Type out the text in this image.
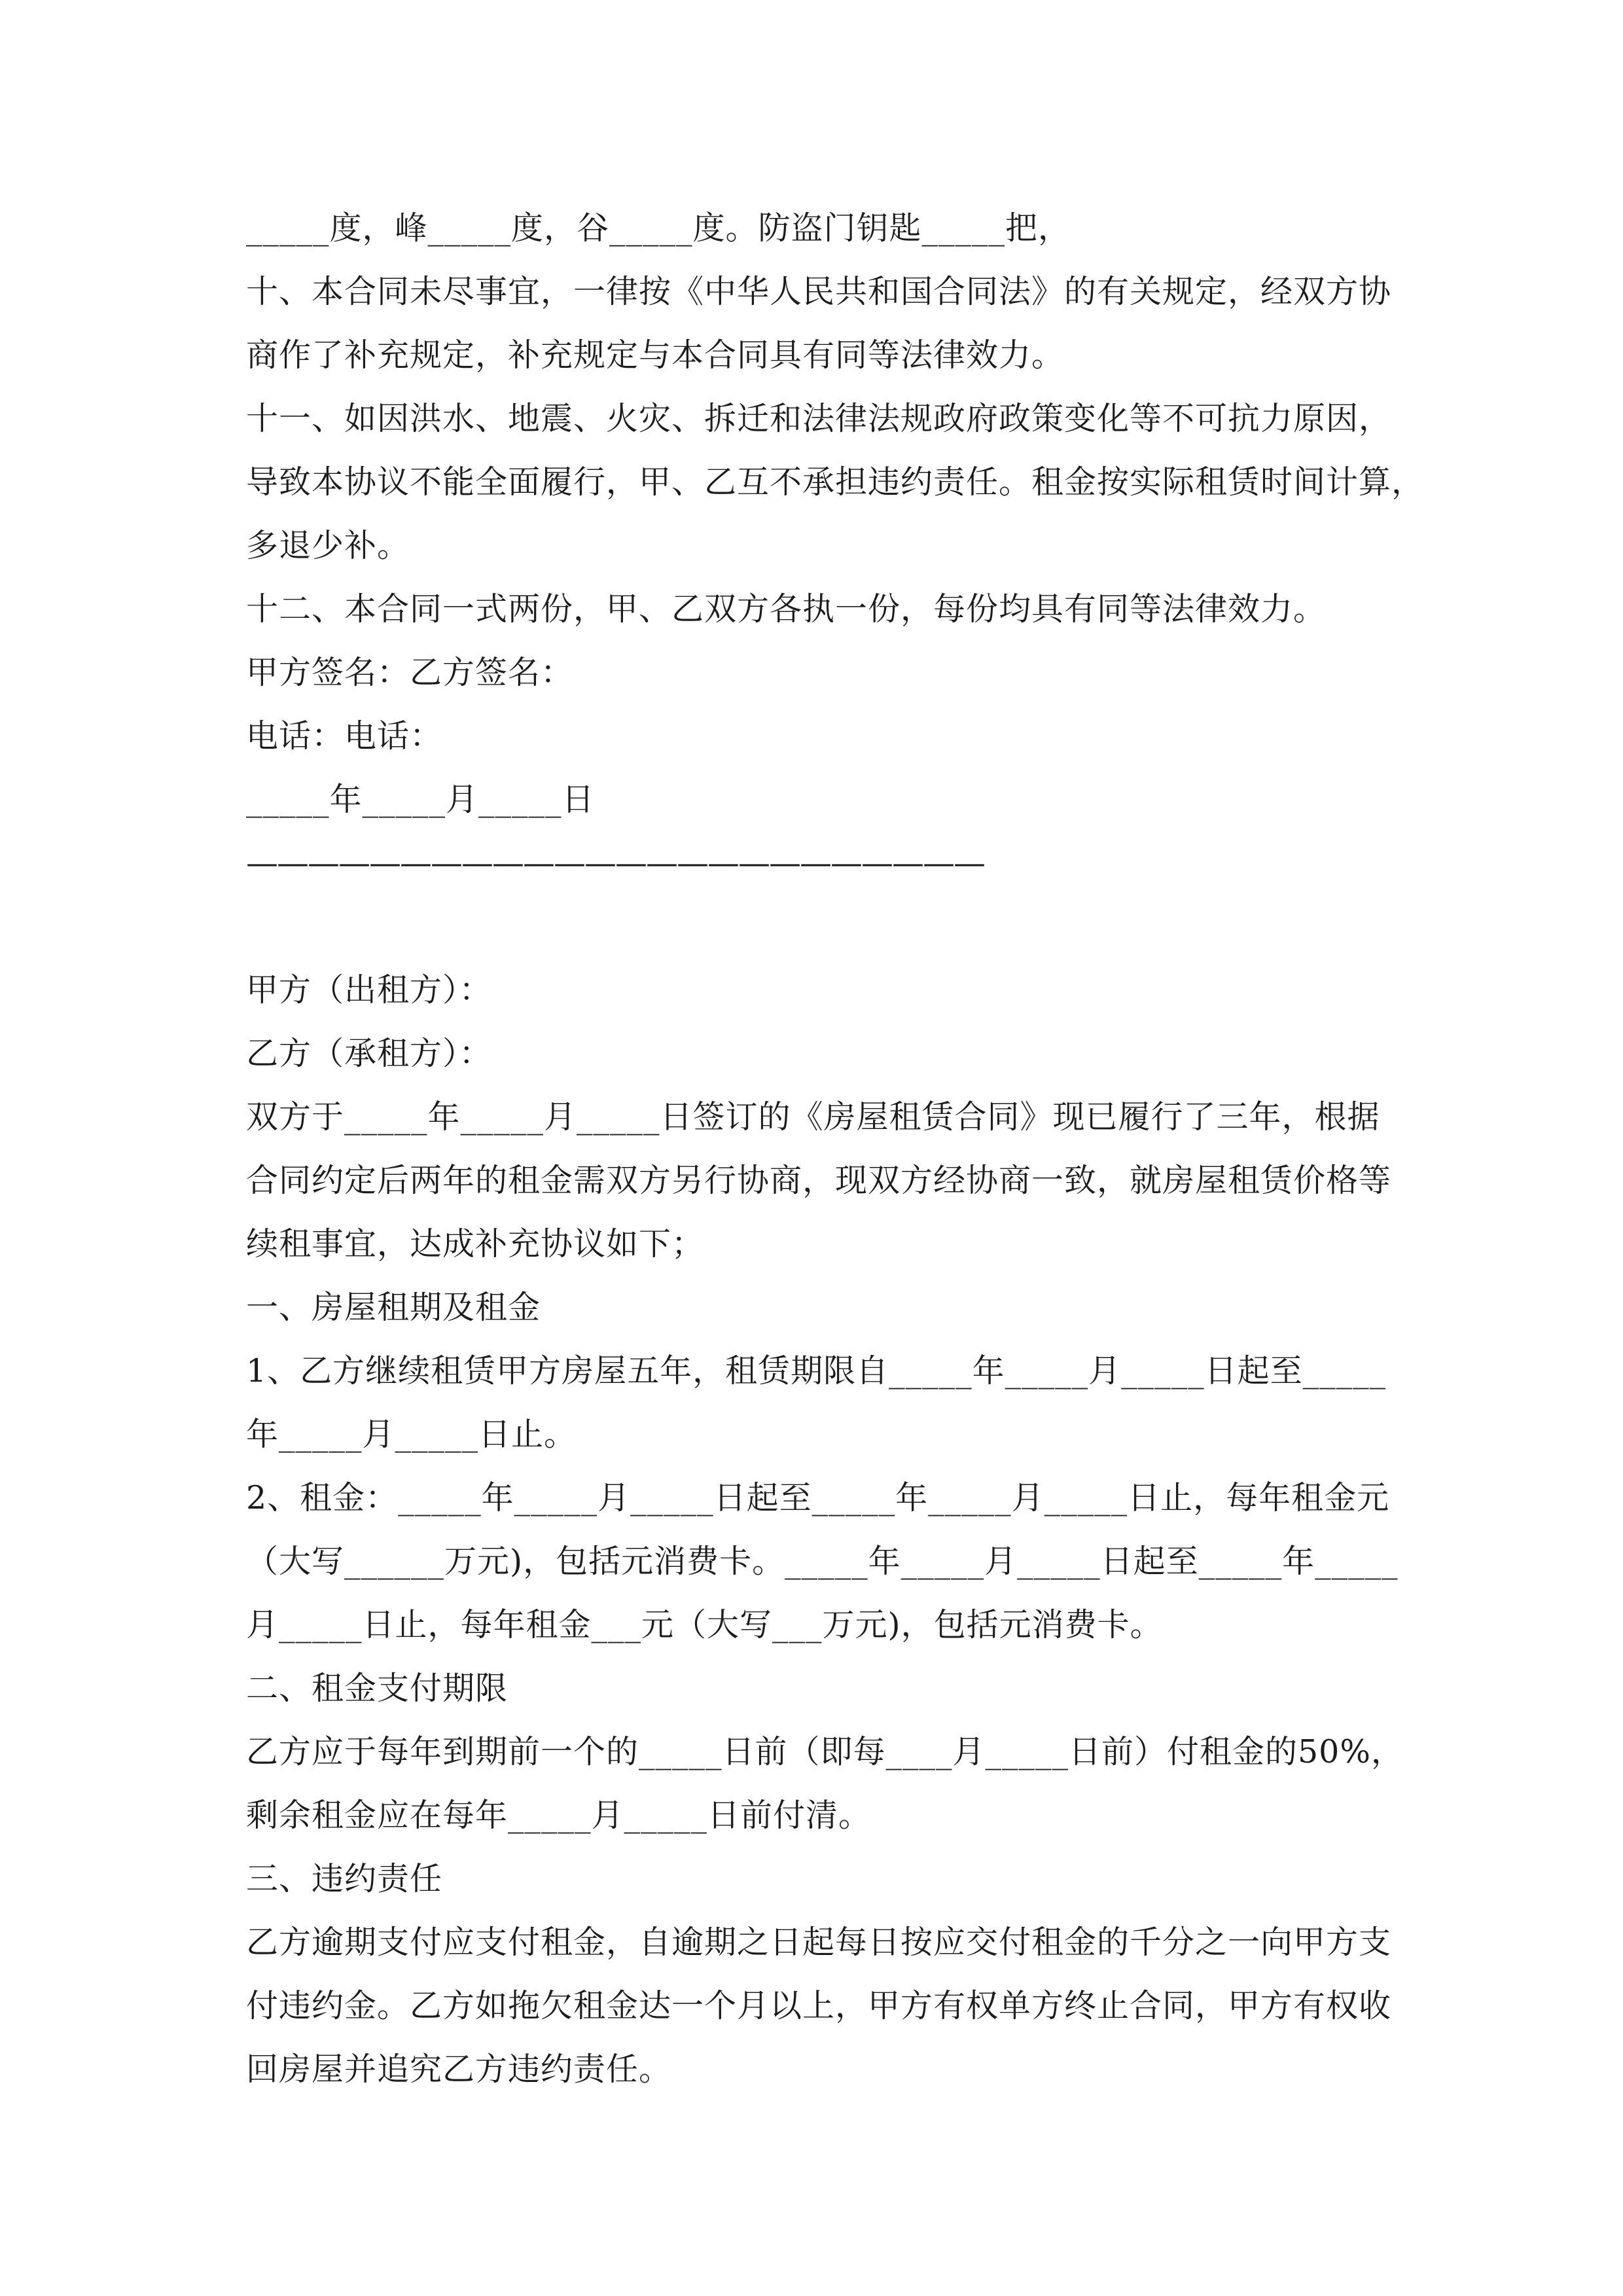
_____度，峰_____度，谷_____度。防盗门钥匙_____把，
十、本合同未尽事宜，一律按《中华人民共和国合同法》的有关规定，经双方协
商作了补充规定，补充规定与本合同具有同等法律效力。
十一、如因洪水、地震、火灾、拆迁和法律法规政府政策变化等不可抗力原因，
导致本协议不能全面履行，甲、乙互不承担违约责任。租金按实际租赁时间计算，
多退少补。
十二、本合同一式两份，甲、乙双方各执一份，每份均具有同等法律效力。
甲方签名：乙方签名：
电话：电话：
_____年_____月_____日
————————————————————————
甲方（出租方）：
乙方（承租方）：
双方于_____年_____月_____日签订的《房屋租赁合同》现已履行了三年，根据
合同约定后两年的租金需双方另行协商，现双方经协商一致，就房屋租赁价格等
续租事宜，达成补充协议如下；
一、房屋租期及租金
1、乙方继续租赁甲方房屋五年，租赁期限自_____年_____月_____日起至_____
年_____月_____日止。
2、租金：_____年_____月_____日起至_____年_____月_____日止，每年租金元
（大写______万元)，包括元消费卡。_____年_____月_____日起至_____年_____
月_____日止，每年租金___元（大写___万元)，包括元消费卡。
二、租金支付期限
乙方应于每年到期前一个的_____日前（即每____月_____日前）付租金的50%，
剩余租金应在每年_____月_____日前付清。
三、违约责任
乙方逾期支付应支付租金，自逾期之日起每日按应交付租金的千分之一向甲方支
付违约金。乙方如拖欠租金达一个月以上，甲方有权单方终止合同，甲方有权收
回房屋并追究乙方违约责任。
